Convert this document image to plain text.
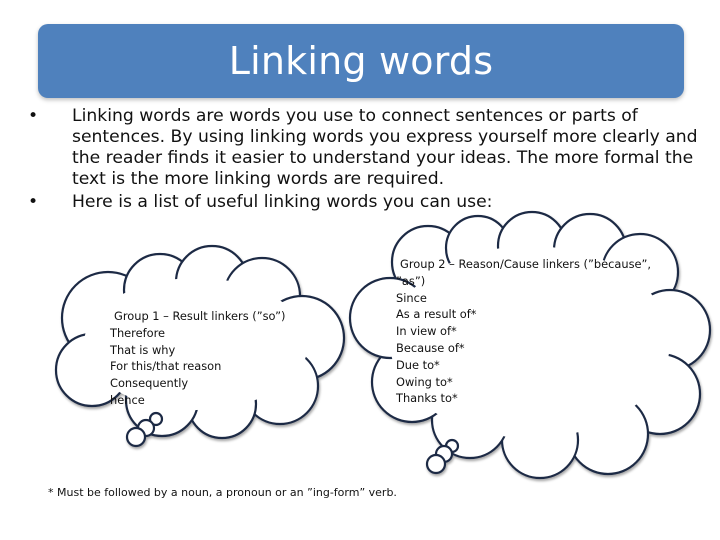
Linking words
•	Linking words are words you use to connect sentences or parts of
sentences. By using linking words you express yourself more clearly and
the reader finds it easier to understand your ideas. The more formal the
text is the more linking words are required.
•	Here is a list of useful linking words you can use:
Group 1 – Result linkers (”so”)
Therefore
That is why
For this/that reason
Consequently
hence
Group 2 – Reason/Cause linkers (”because”,
”as”)
Since
As a result of*
In view of*
Because of*
Due to*
Owing to*
Thanks to*
* Must be followed by a noun, a pronoun or an ”ing-form” verb.
